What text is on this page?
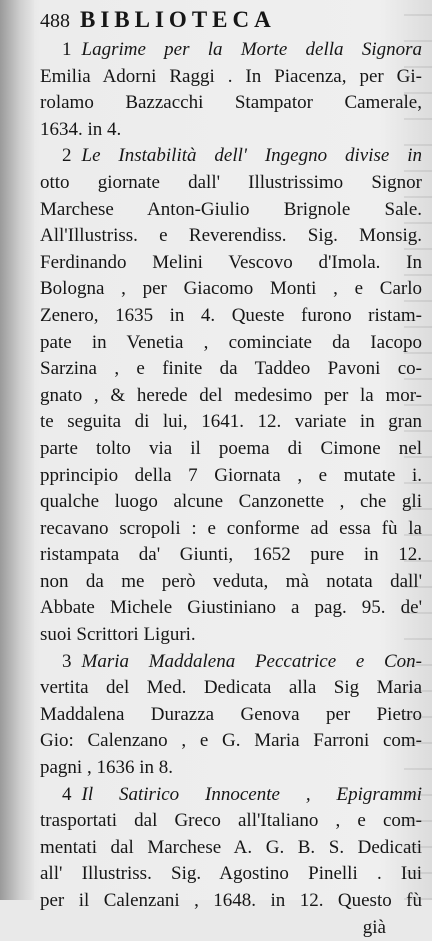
488 BIBLIOTECA
1 Lagrime per la Morte della Signora
Emilia Adorni Raggi . In Piacenza, per Gi-
rolamo Bazzacchi Stampator Camerale,
1634. in 4.
2 Le Instabilità dell' Ingegno divise in
otto giornate dall' Illustrissimo Signor
Marchese Anton-Giulio Brignole Sale.
All'Illustriss. e Reverendiss. Sig. Monsig.
Ferdinando Melini Vescovo d'Imola. In
Bologna , per Giacomo Monti , e Carlo
Zenero, 1635 in 4. Queste furono ristam-
pate in Venetia , cominciate da Iacopo
Sarzina , e finite da Taddeo Pavoni co-
gnato , & herede del medesimo per la mor-
te seguita di lui, 1641. 12. variate in gran
parte tolto via il poema di Cimone nel
pprincipio della 7 Giornata , e mutate i.
qualche luogo alcune Canzonette , che gli
recavano scropoli : e conforme ad essa fù la
ristampata da' Giunti, 1652 pure in 12.
non da me però veduta, mà notata dall'
Abbate Michele Giustiniano a pag. 95. de'
suoi Scrittori Liguri.
3 Maria Maddalena Peccatrice e Con-
vertita del Med. Dedicata alla Sig Maria
Maddalena Durazza Genova per Pietro
Gio: Calenzano , e G. Maria Farroni com-
pagni , 1636 in 8.
4 Il Satirico Innocente , Epigrammi
trasportati dal Greco all'Italiano , e com-
mentati dal Marchese A. G. B. S. Dedicati
all' Illustriss. Sig. Agostino Pinelli . Iui
per il Calenzani , 1648. in 12. Questo fù
già
